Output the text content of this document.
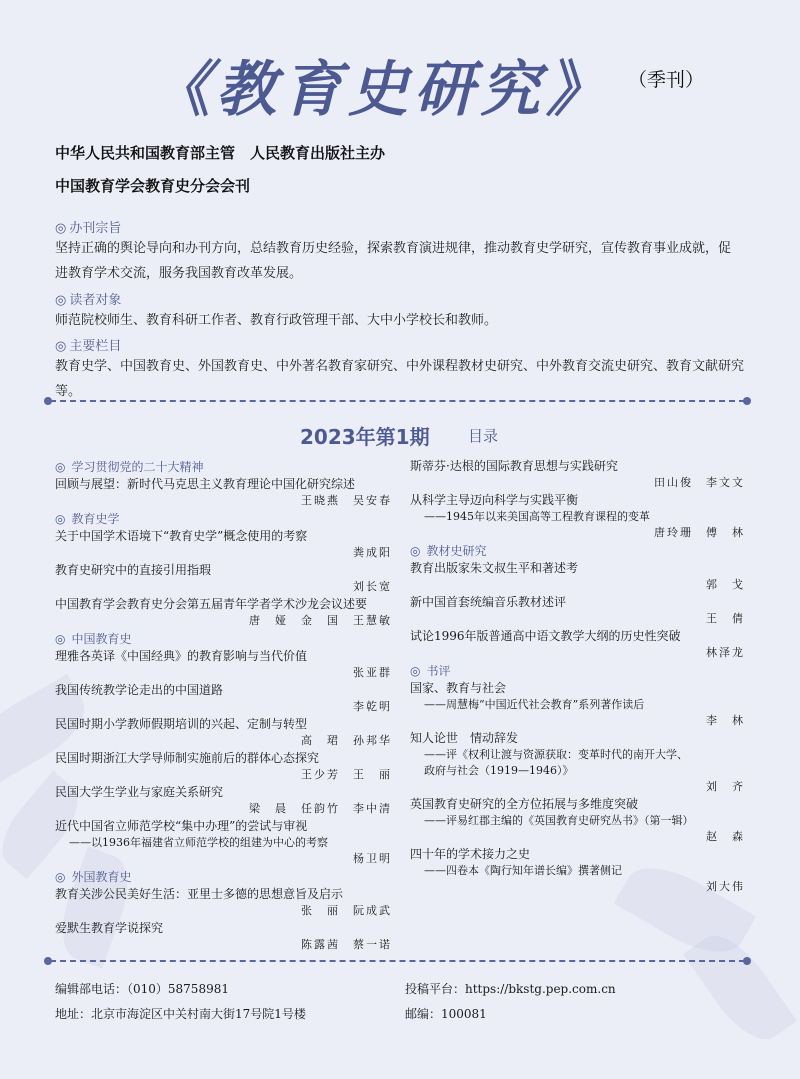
《教育史研究》 （季刊）
中华人民共和国教育部主管　人民教育出版社主办
中国教育学会教育史分会会刊
◎ 办刊宗旨
坚持正确的舆论导向和办刊方向，总结教育历史经验，探索教育演进规律，推动教育史学研究，宣传教育事业成就，促
进教育学术交流，服务我国教育改革发展。
◎ 读者对象
师范院校师生、教育科研工作者、教育行政管理干部、大中小学校长和教师。
◎ 主要栏目
教育史学、中国教育史、外国教育史、中外著名教育家研究、中外课程教材史研究、中外教育交流史研究、教育文献研究等。
2023年第1期	目录
◎ 学习贯彻党的二十大精神
回顾与展望：新时代马克思主义教育理论中国化研究综述
王晓燕　吴安春
◎ 教育史学
关于中国学术语境下“教育史学”概念使用的考察
粪成阳
教育史研究中的直接引用指瑕
刘长宽
中国教育学会教育史分会第五届青年学者学术沙龙会议述要
唐　娅　金　国　王慧敏
◎ 中国教育史
理雅各英译《中国经典》的教育影响与当代价值
张亚群
我国传统教学论走出的中国道路
李乾明
民国时期小学教师假期培训的兴起、定制与转型
高　珺　孙邦华
民国时期浙江大学导师制实施前后的群体心态探究
王少芳　王　丽
民国大学生学业与家庭关系研究
梁　晨　任韵竹　李中清
近代中国省立师范学校“集中办理”的尝试与审视
——以1936年福建省立师范学校的组建为中心的考察
杨卫明
◎ 外国教育史
教育关涉公民美好生活：亚里士多德的思想意旨及启示
张　丽　阮成武
爱默生教育学说探究
陈露茜　蔡一诺
斯蒂芬·达根的国际教育思想与实践研究
田山俊　李文文
从科学主导迈向科学与实践平衡
——1945年以来美国高等工程教育课程的变革
唐玲珊　傅　林
◎ 教材史研究
教育出版家朱文叔生平和著述考
郭　戈
新中国首套统编音乐教材述评
王　倩
试论1996年版普通高中语文教学大纲的历史性突破
林泽龙
◎ 书评
国家、教育与社会
——周慧梅“中国近代社会教育”系列著作读后
李　林
知人论世　情动辞发
——评《权利让渡与资源获取：变革时代的南开大学、
政府与社会（1919—1946）》
刘　齐
英国教育史研究的全方位拓展与多维度突破
——评易红郡主编的《英国教育史研究丛书》（第一辑）
赵　森
四十年的学术接力之史
——四卷本《陶行知年谱长编》撰著侧记
刘大伟
编辑部电话：（010）58758981
地址：北京市海淀区中关村南大街17号院1号楼
投稿平台：https://bkstg.pep.com.cn
邮编：100081
